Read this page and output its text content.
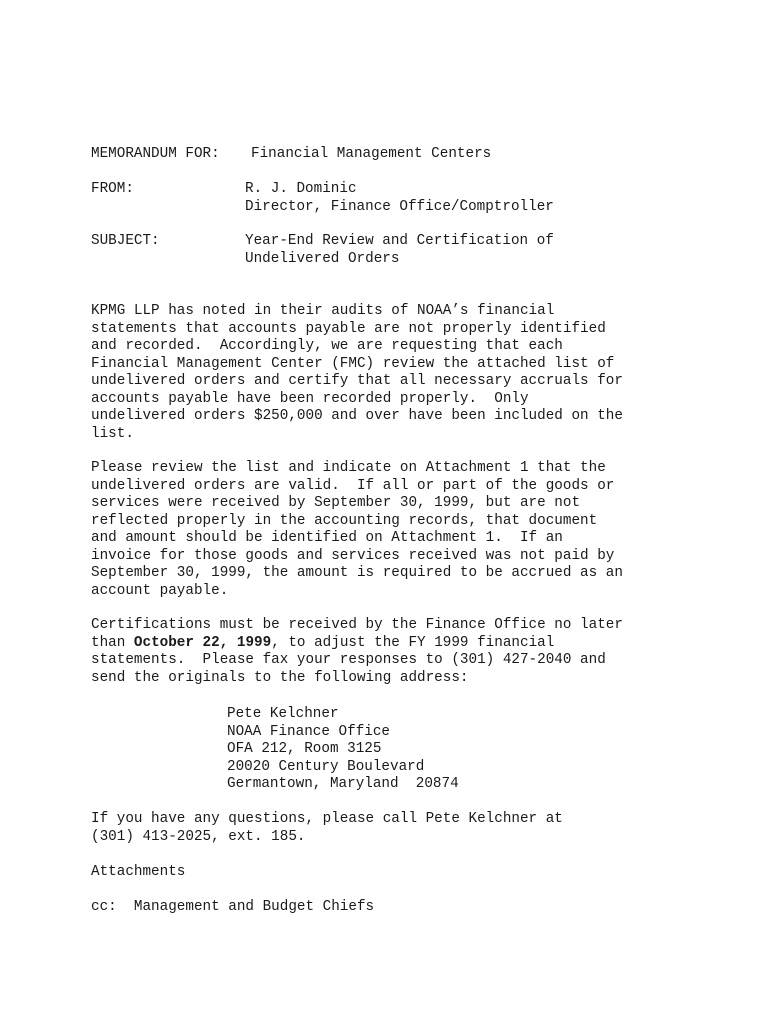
MEMORANDUM FOR: Financial Management Centers
FROM:	R. J. Dominic
Director, Finance Office/Comptroller
SUBJECT:	Year-End Review and Certification of
Undelivered Orders
KPMG LLP has noted in their audits of NOAA’s financial
statements that accounts payable are not properly identified
and recorded.  Accordingly, we are requesting that each
Financial Management Center (FMC) review the attached list of
undelivered orders and certify that all necessary accruals for
accounts payable have been recorded properly.  Only
undelivered orders $250,000 and over have been included on the
list.
Please review the list and indicate on Attachment 1 that the
undelivered orders are valid.  If all or part of the goods or
services were received by September 30, 1999, but are not
reflected properly in the accounting records, that document
and amount should be identified on Attachment 1.  If an
invoice for those goods and services received was not paid by
September 30, 1999, the amount is required to be accrued as an
account payable.
Certifications must be received by the Finance Office no later
than October 22, 1999, to adjust the FY 1999 financial
statements.  Please fax your responses to (301) 427-2040 and
send the originals to the following address:
Pete Kelchner
NOAA Finance Office
OFA 212, Room 3125
20020 Century Boulevard
Germantown, Maryland  20874
If you have any questions, please call Pete Kelchner at
(301) 413-2025, ext. 185.
Attachments
cc:  Management and Budget Chiefs
